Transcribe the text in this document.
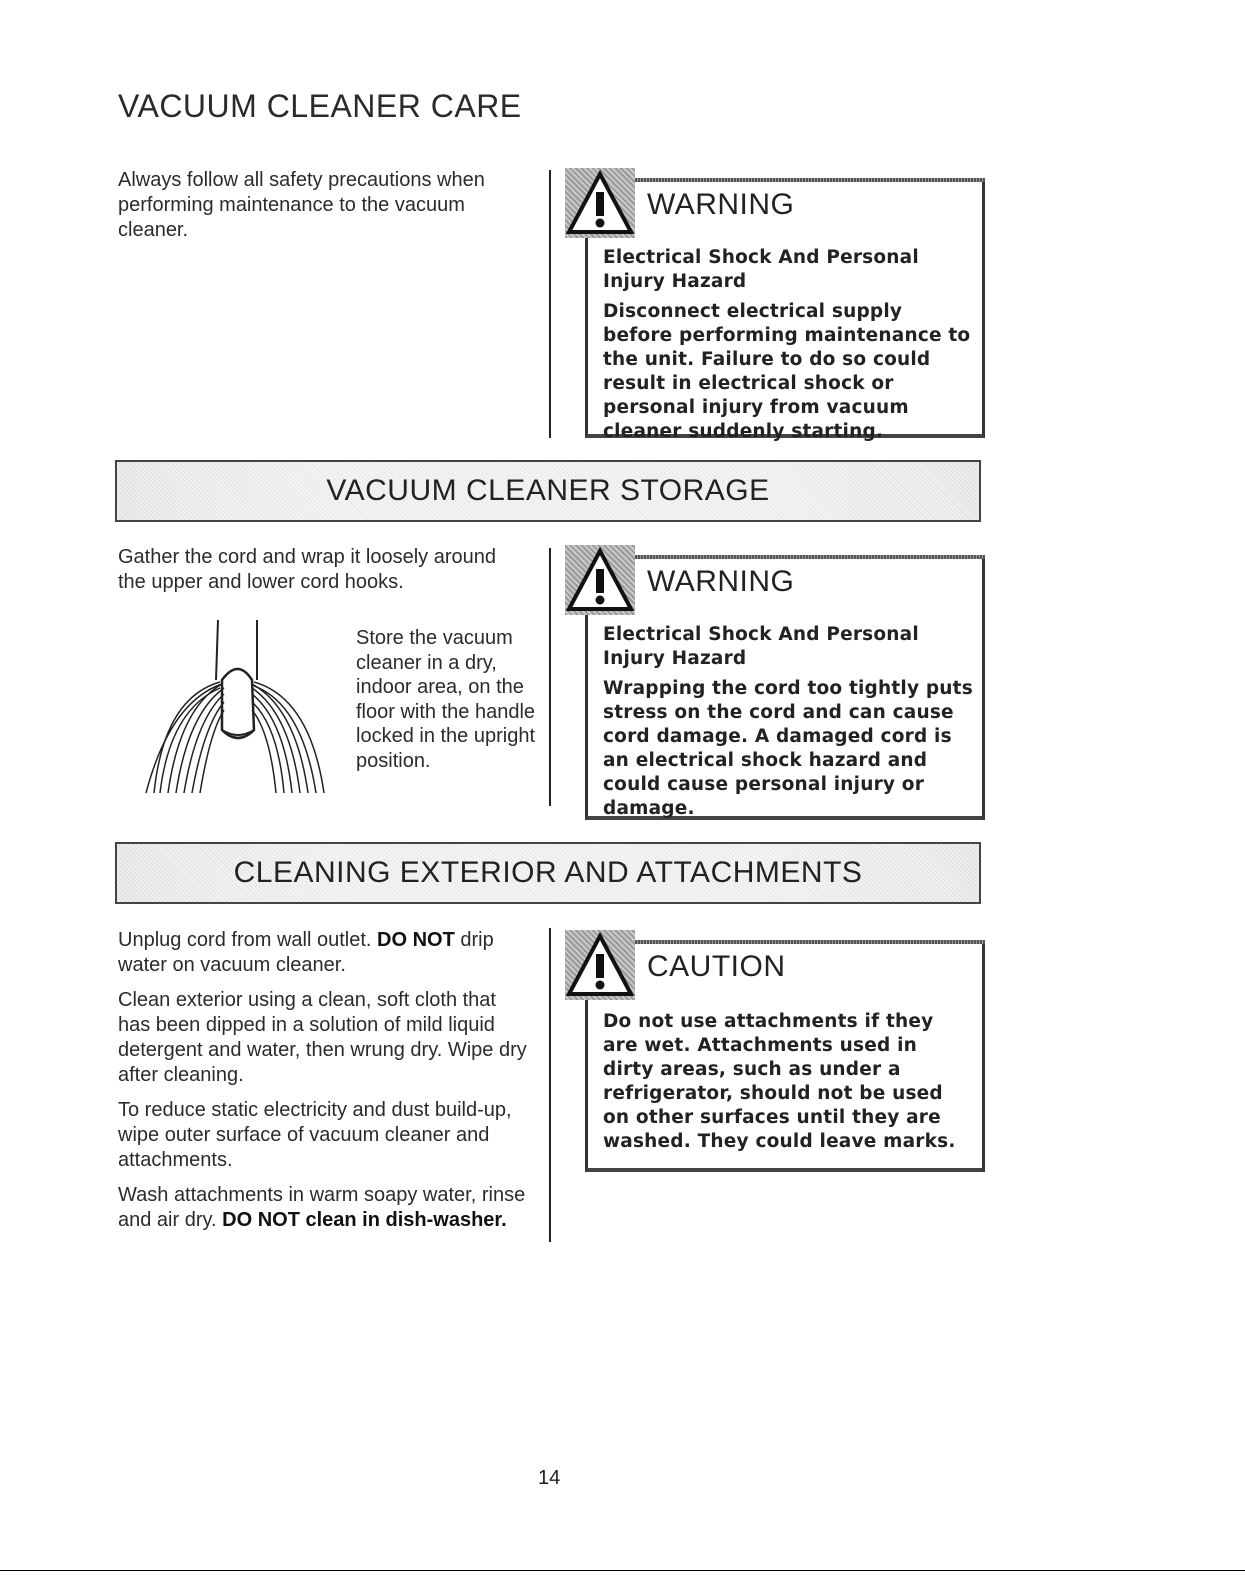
VACUUM CLEANER CARE

Always follow all safety precautions when performing maintenance to the vacuum cleaner.

WARNING

Electrical Shock And Personal Injury Hazard

Disconnect electrical supply before performing maintenance to the unit. Failure to do so could result in electrical shock or personal injury from vacuum cleaner suddenly starting.

VACUUM CLEANER STORAGE

Gather the cord and wrap it loosely around the upper and lower cord hooks.

Store the vacuum cleaner in a dry, indoor area, on the floor with the handle locked in the upright position.
WARNING

Electrical Shock And Personal Injury Hazard

Wrapping the cord too tightly puts stress on the cord and can cause cord damage. A damaged cord is an electrical shock hazard and could cause personal injury or damage.

CLEANING EXTERIOR AND ATTACHMENTS

Unplug cord from wall outlet. DO NOT drip water on vacuum cleaner.

Clean exterior using a clean, soft cloth that has been dipped in a solution of mild liquid detergent and water, then wrung dry. Wipe dry after cleaning.

To reduce static electricity and dust build-up, wipe outer surface of vacuum cleaner and attachments.

Wash attachments in warm soapy water, rinse and air dry. DO NOT clean in dish-washer.

CAUTION

Do not use attachments if they are wet. Attachments used in dirty areas, such as under a refrigerator, should not be used on other surfaces until they are washed. They could leave marks.

14
